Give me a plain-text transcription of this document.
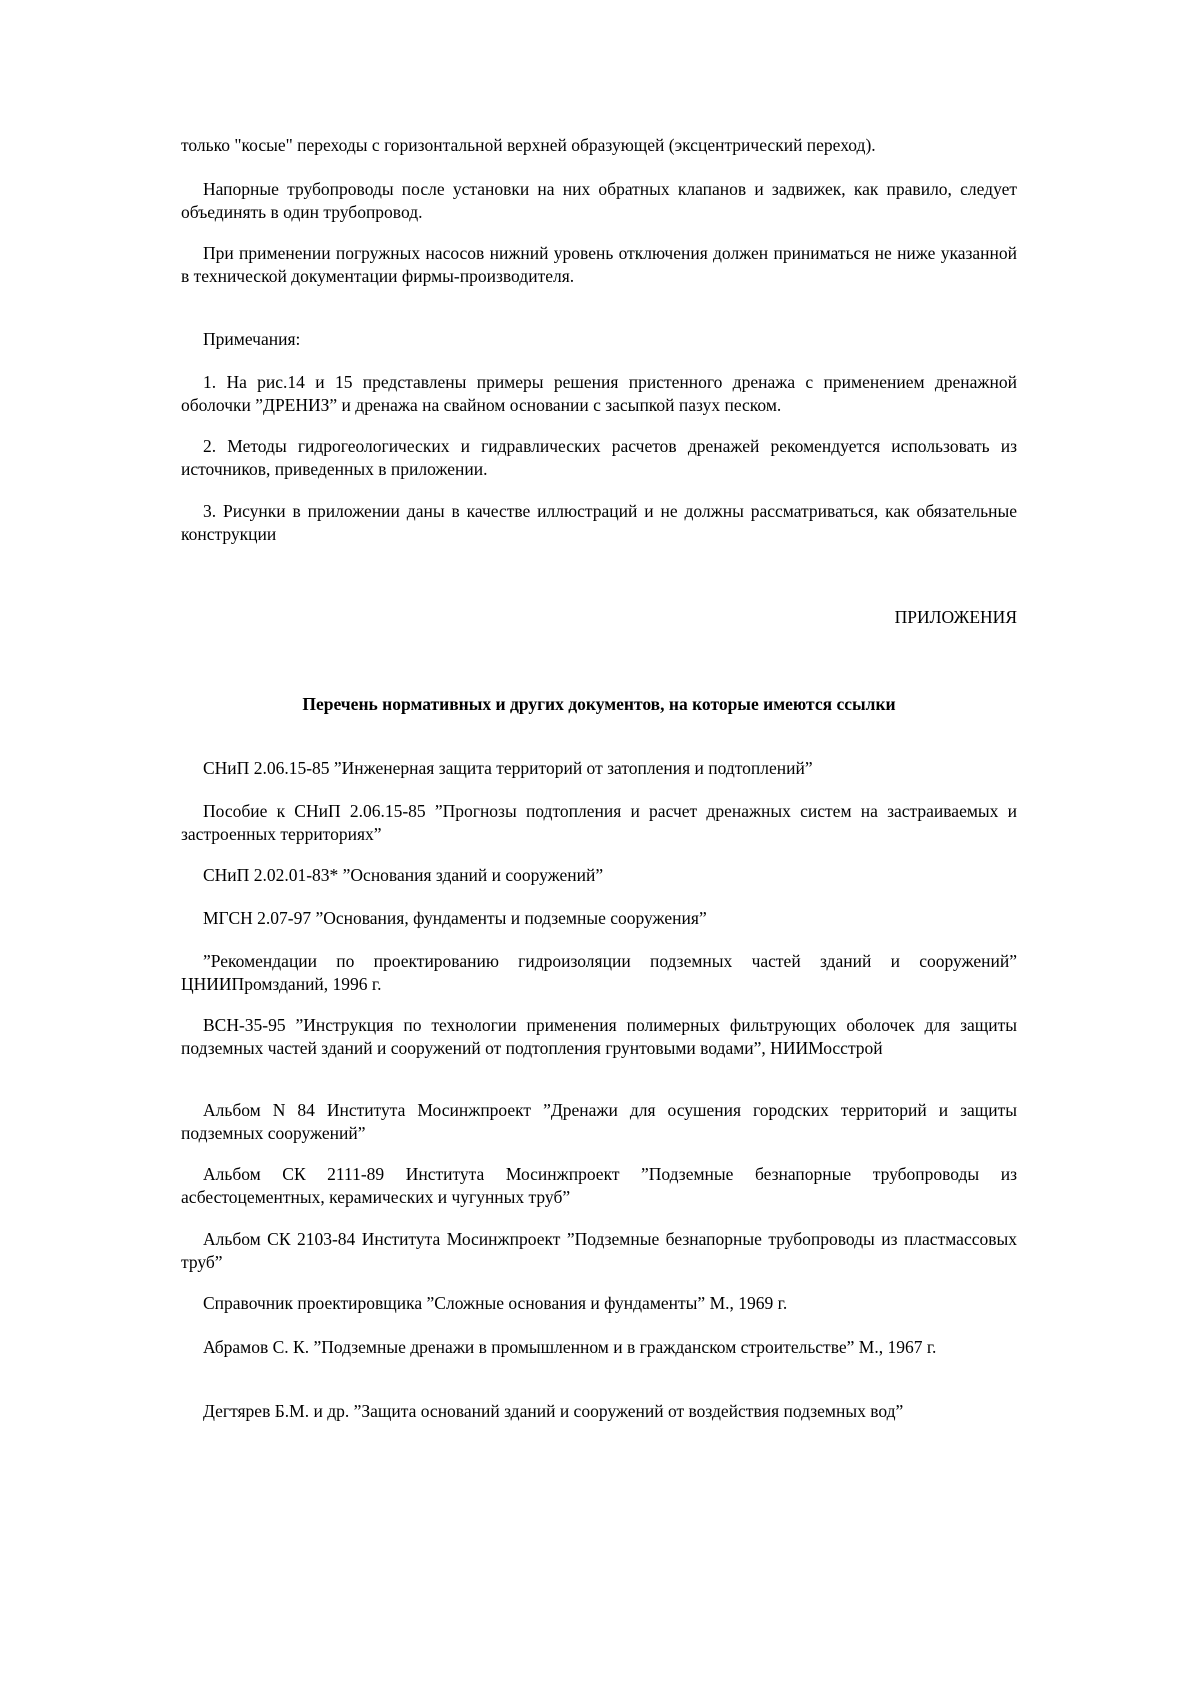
только "косые" переходы с горизонтальной верхней образующей (эксцентрический переход).

Напорные трубопроводы после установки на них обратных клапанов и задвижек, как правило, следует объединять в один трубопровод.

При применении погружных насосов нижний уровень отключения должен приниматься не ниже указанной в технической документации фирмы-производителя.

Примечания:

1. На рис.14 и 15 представлены примеры решения пристенного дренажа с применением дренажной оболочки ”ДРЕНИЗ” и дренажа на свайном основании с засыпкой пазух песком.

2. Методы гидрогеологических и гидравлических расчетов дренажей рекомендуется использовать из источников, приведенных в приложении.

3. Рисунки в приложении даны в качестве иллюстраций и не должны рассматриваться, как обязательные конструкции

ПРИЛОЖЕНИЯ

Перечень нормативных и других документов, на которые имеются ссылки

СНиП 2.06.15-85 ”Инженерная защита территорий от затопления и подтоплений”

Пособие к СНиП 2.06.15-85 ”Прогнозы подтопления и расчет дренажных систем на застраиваемых и застроенных территориях”

СНиП 2.02.01-83* ”Основания зданий и сооружений”

МГСН 2.07-97 ”Основания, фундаменты и подземные сооружения”

”Рекомендации по проектированию гидроизоляции подземных частей зданий и сооружений” ЦНИИПромзданий, 1996 г.

ВСН-35-95 ”Инструкция по технологии применения полимерных фильтрующих оболочек для защиты подземных частей зданий и сооружений от подтопления грунтовыми водами”, НИИМосстрой

Альбом N 84 Института Мосинжпроект ”Дренажи для осушения городских территорий и защиты подземных сооружений”

Альбом СК 2111-89 Института Мосинжпроект ”Подземные безнапорные трубопроводы из асбестоцементных, керамических и чугунных труб”

Альбом СК 2103-84 Института Мосинжпроект ”Подземные безнапорные трубопроводы из пластмассовых труб”

Справочник проектировщика ”Сложные основания и фундаменты” М., 1969 г.

Абрамов С. К. ”Подземные дренажи в промышленном и в гражданском строительстве” М., 1967 г.

Дегтярев Б.М. и др. ”Защита оснований зданий и сооружений от воздействия подземных вод”
